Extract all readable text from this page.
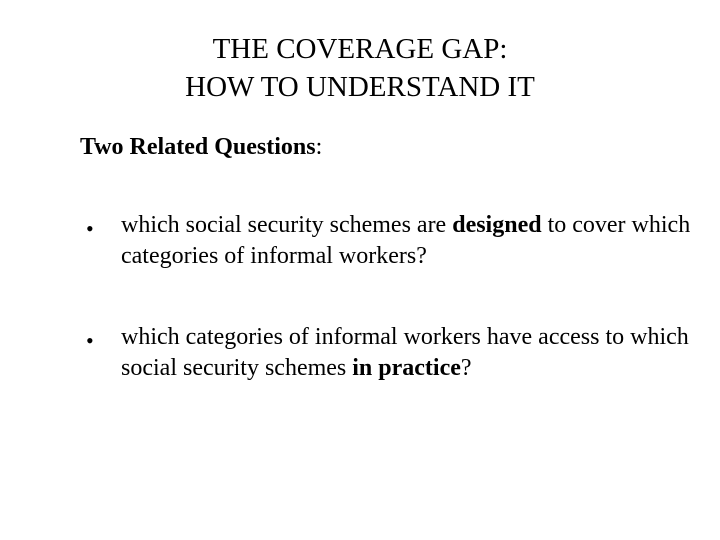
THE COVERAGE GAP:
HOW TO UNDERSTAND IT

Two Related Questions:

• which social security schemes are designed to cover which categories of informal workers?
• which categories of informal workers have access to which social security schemes in practice?
